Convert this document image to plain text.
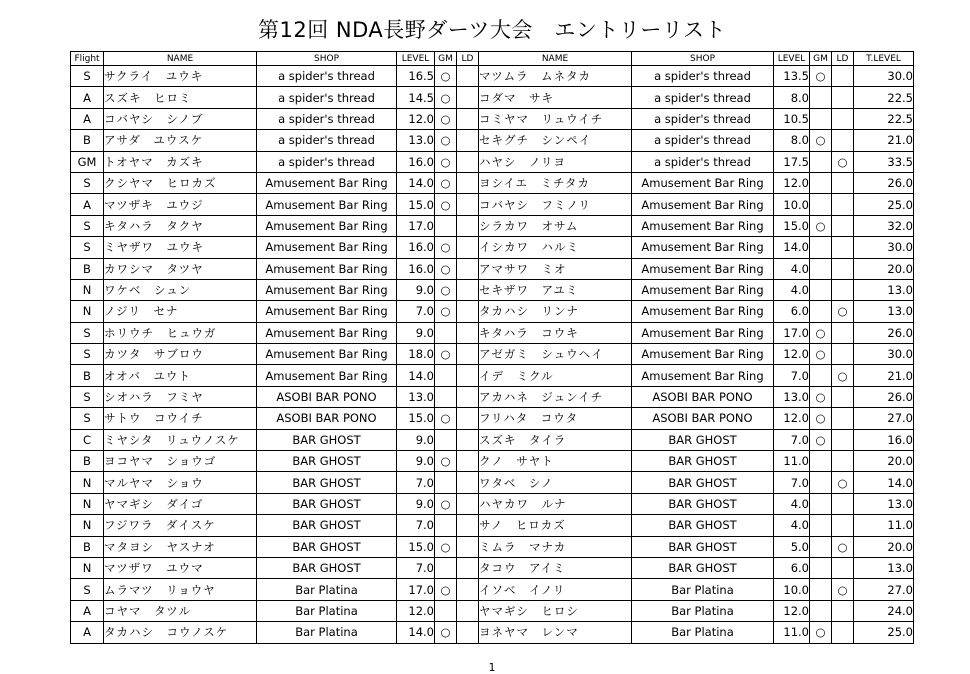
第12回 NDA長野ダーツ大会　エントリーリスト
Flight	NAME	SHOP	LEVEL	GM	LD	NAME	SHOP	LEVEL	GM	LD	T.LEVEL
S	サクライ　ユウキ	a spider's thread	16.5	○		マツムラ　ムネタカ	a spider's thread	13.5	○		30.0
A	スズキ　ヒロミ	a spider's thread	14.5	○		コダマ　サキ	a spider's thread	8.0			22.5
A	コバヤシ　シノブ	a spider's thread	12.0	○		コミヤマ　リュウイチ	a spider's thread	10.5			22.5
B	アサダ　ユウスケ	a spider's thread	13.0	○		セキグチ　シンペイ	a spider's thread	8.0	○		21.0
GM	トオヤマ　カズキ	a spider's thread	16.0	○		ハヤシ　ノリヨ	a spider's thread	17.5		○	33.5
S	クシヤマ　ヒロカズ	Amusement Bar Ring	14.0	○		ヨシイエ　ミチタカ	Amusement Bar Ring	12.0			26.0
A	マツザキ　ユウジ	Amusement Bar Ring	15.0	○		コバヤシ　フミノリ	Amusement Bar Ring	10.0			25.0
S	キタハラ　タクヤ	Amusement Bar Ring	17.0			シラカワ　オサム	Amusement Bar Ring	15.0	○		32.0
S	ミヤザワ　ユウキ	Amusement Bar Ring	16.0	○		イシカワ　ハルミ	Amusement Bar Ring	14.0			30.0
B	カワシマ　タツヤ	Amusement Bar Ring	16.0	○		アマサワ　ミオ	Amusement Bar Ring	4.0			20.0
N	ワケベ　シュン	Amusement Bar Ring	9.0	○		セキザワ　アユミ	Amusement Bar Ring	4.0			13.0
N	ノジリ　セナ	Amusement Bar Ring	7.0	○		タカハシ　リンナ	Amusement Bar Ring	6.0		○	13.0
S	ホリウチ　ヒュウガ	Amusement Bar Ring	9.0			キタハラ　コウキ	Amusement Bar Ring	17.0	○		26.0
S	カツタ　サブロウ	Amusement Bar Ring	18.0	○		アゼガミ　シュウヘイ	Amusement Bar Ring	12.0	○		30.0
B	オオバ　ユウト	Amusement Bar Ring	14.0			イデ　ミクル	Amusement Bar Ring	7.0		○	21.0
S	シオハラ　フミヤ	ASOBI BAR PONO	13.0			アカハネ　ジュンイチ	ASOBI BAR PONO	13.0	○		26.0
S	サトウ　コウイチ	ASOBI BAR PONO	15.0	○		フリハタ　コウタ	ASOBI BAR PONO	12.0	○		27.0
C	ミヤシタ　リュウノスケ	BAR GHOST	9.0			スズキ　タイラ	BAR GHOST	7.0	○		16.0
B	ヨコヤマ　ショウゴ	BAR GHOST	9.0	○		クノ　サヤト	BAR GHOST	11.0			20.0
N	マルヤマ　ショウ	BAR GHOST	7.0			ワタベ　シノ	BAR GHOST	7.0		○	14.0
N	ヤマギシ　ダイゴ	BAR GHOST	9.0	○		ハヤカワ　ルナ	BAR GHOST	4.0			13.0
N	フジワラ　ダイスケ	BAR GHOST	7.0			サノ　ヒロカズ	BAR GHOST	4.0			11.0
B	マタヨシ　ヤスナオ	BAR GHOST	15.0	○		ミムラ　マナカ	BAR GHOST	5.0		○	20.0
N	マツザワ　ユウマ	BAR GHOST	7.0			タコウ　アイミ	BAR GHOST	6.0			13.0
S	ムラマツ　リョウヤ	Bar Platina	17.0	○		イソベ　イノリ	Bar Platina	10.0		○	27.0
A	コヤマ　タツル	Bar Platina	12.0			ヤマギシ　ヒロシ	Bar Platina	12.0			24.0
A	タカハシ　コウノスケ	Bar Platina	14.0	○		ヨネヤマ　レンマ	Bar Platina	11.0	○		25.0
1
